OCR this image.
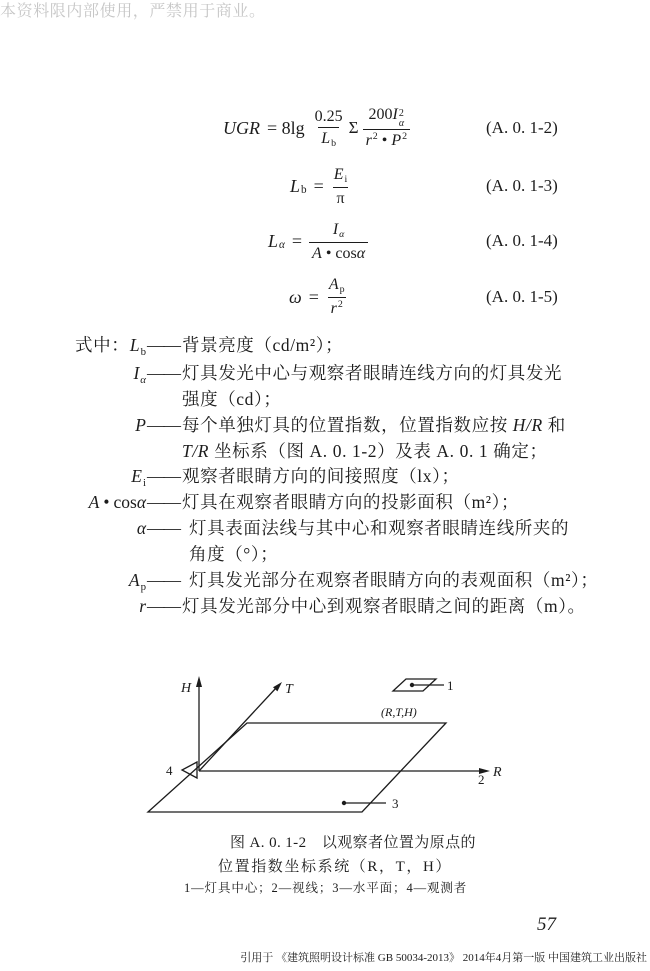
本资料限内部使用，严禁用于商业。
UGR = $8\lg \frac{0.25}{L_b}$ Σ 200I 2
α
$r^2$ • $P^2$	(A. 0. 1-2)
L $b = \frac{E_i}{\pi}$	(A. 0. 1-3)
L $\alpha = \frac{I_\alpha}{A • \cos\alpha}$	(A. 0. 1-4)
$\omega = \frac{A_p}{r^2}$	(A. 0. 1-5)
式中： $L_b$ —— 背景亮度（cd/m²）；
$I_\alpha$ —— 灯具发光中心与观察者眼睛连线方向的灯具发光
强度（cd）；
P —— 每个单独灯具的位置指数，位置指数应按 H/R 和
T/R 坐标系（图 A. 0. 1-2）及表 A. 0. 1 确定；
$E_i$ —— 观察者眼睛方向的间接照度（lx）；
A • cosα —— 灯具在观察者眼睛方向的投影面积（m²）；
α —— 灯具表面法线与其中心和观察者眼睛连线所夹的
角度（°）；
$A_p$ —— 灯具发光部分在观察者眼睛方向的表观面积（m²）；
r —— 灯具发光部分中心到观察者眼睛之间的距离（m）。
H	T
R
(R,T,H)
1
2
3
4
图 A. 0. 1-2　以观察者位置为原点的
位置指数坐标系统（R，T，H）
1—灯具中心；2—视线；3—水平面；4—观测者
57
引用于 《建筑照明设计标准 GB 50034-2013》 2014年4月第一版 中国建筑工业出版社
